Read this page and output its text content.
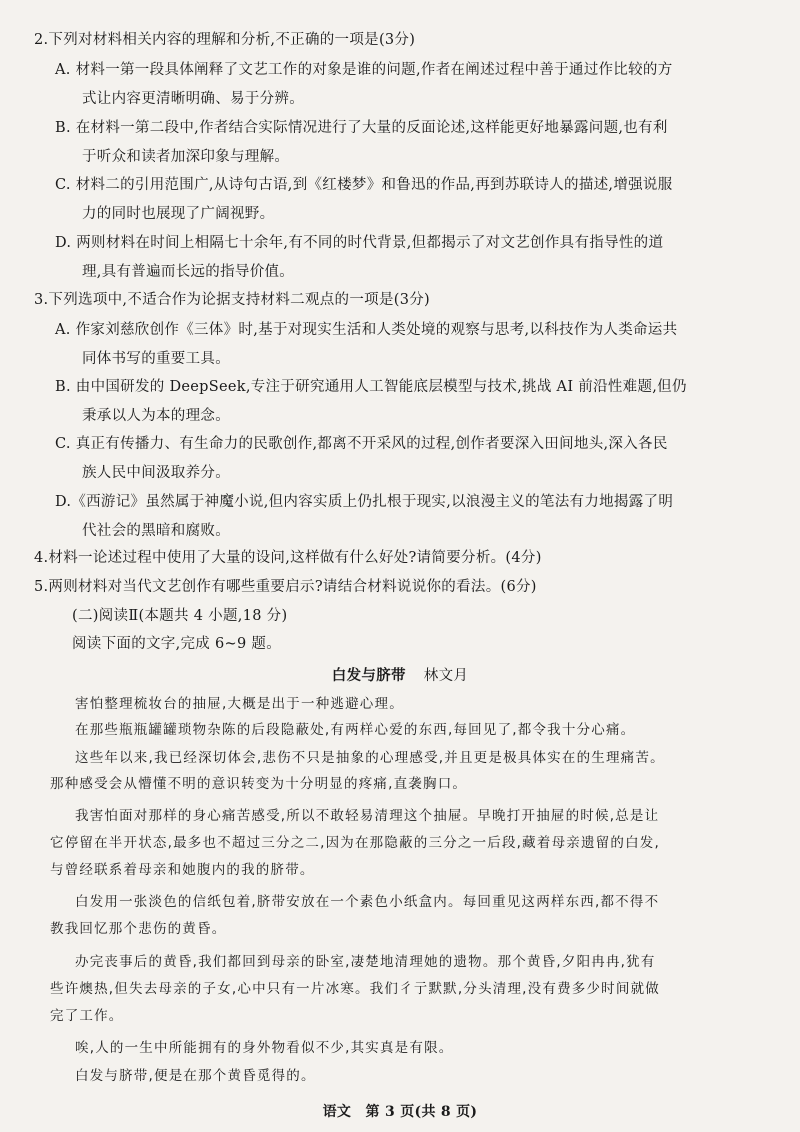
2.下列对材料相关内容的理解和分析,不正确的一项是(3分)

A. 材料一第一段具体阐释了文艺工作的对象是谁的问题,作者在阐述过程中善于通过作比较的方
式让内容更清晰明确、易于分辨。

B. 在材料一第二段中,作者结合实际情况进行了大量的反面论述,这样能更好地暴露问题,也有利
于听众和读者加深印象与理解。

C. 材料二的引用范围广,从诗句古语,到《红楼梦》和鲁迅的作品,再到苏联诗人的描述,增强说服
力的同时也展现了广阔视野。

D. 两则材料在时间上相隔七十余年,有不同的时代背景,但都揭示了对文艺创作具有指导性的道
理,具有普遍而长远的指导价值。

3.下列选项中,不适合作为论据支持材料二观点的一项是(3分)

A. 作家刘慈欣创作《三体》时,基于对现实生活和人类处境的观察与思考,以科技作为人类命运共
同体书写的重要工具。

B. 由中国研发的 DeepSeek,专注于研究通用人工智能底层模型与技术,挑战 AI 前沿性难题,但仍
秉承以人为本的理念。

C. 真正有传播力、有生命力的民歌创作,都离不开采风的过程,创作者要深入田间地头,深入各民
族人民中间汲取养分。

D.《西游记》虽然属于神魔小说,但内容实质上仍扎根于现实,以浪漫主义的笔法有力地揭露了明
代社会的黑暗和腐败。

4.材料一论述过程中使用了大量的设问,这样做有什么好处?请简要分析。(4分)

5.两则材料对当代文艺创作有哪些重要启示?请结合材料说说你的看法。(6分)

(二)阅读Ⅱ(本题共 4 小题,18 分)

阅读下面的文字,完成 6~9 题。

白发与脐带 林文月

害怕整理梳妆台的抽屉,大概是出于一种逃避心理。

在那些瓶瓶罐罐琐物杂陈的后段隐蔽处,有两样心爱的东西,每回见了,都令我十分心痛。

这些年以来,我已经深切体会,悲伤不只是抽象的心理感受,并且更是极具体实在的生理痛苦。
那种感受会从懵懂不明的意识转变为十分明显的疼痛,直袭胸口。

我害怕面对那样的身心痛苦感受,所以不敢轻易清理这个抽屉。早晚打开抽屉的时候,总是让
它停留在半开状态,最多也不超过三分之二,因为在那隐蔽的三分之一后段,藏着母亲遗留的白发,
与曾经联系着母亲和她腹内的我的脐带。

白发用一张淡色的信纸包着,脐带安放在一个素色小纸盒内。每回重见这两样东西,都不得不
教我回忆那个悲伤的黄昏。

办完丧事后的黄昏,我们都回到母亲的卧室,凄楚地清理她的遗物。那个黄昏,夕阳冉冉,犹有
些许燠热,但失去母亲的子女,心中只有一片冰寒。我们彳亍默默,分头清理,没有费多少时间就做
完了工作。

唉,人的一生中所能拥有的身外物看似不少,其实真是有限。

白发与脐带,便是在那个黄昏觅得的。

语文　第 3 页(共 8 页)
